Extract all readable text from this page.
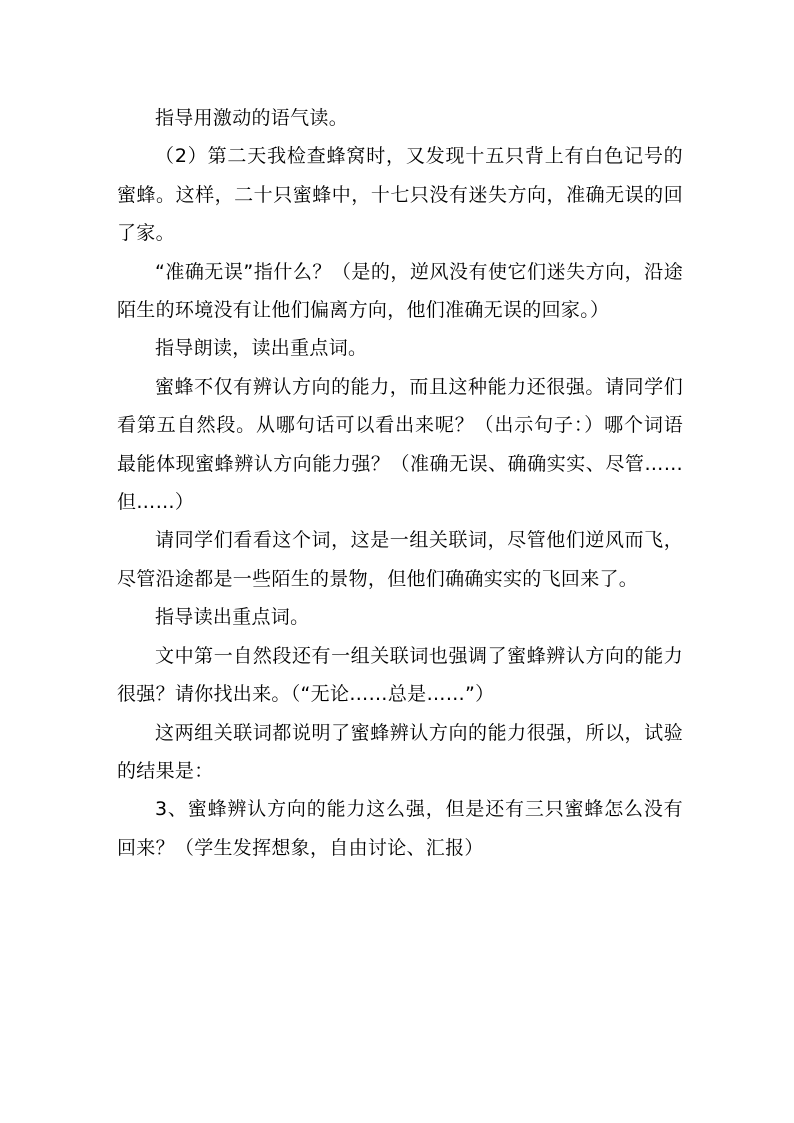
指导用激动的语气读。

（2）第二天我检查蜂窝时，又发现十五只背上有白色记号的蜜蜂。这样，二十只蜜蜂中，十七只没有迷失方向，准确无误的回了家。

“准确无误”指什么？（是的，逆风没有使它们迷失方向，沿途陌生的环境没有让他们偏离方向，他们准确无误的回家。）

指导朗读，读出重点词。

蜜蜂不仅有辨认方向的能力，而且这种能力还很强。请同学们看第五自然段。从哪句话可以看出来呢？（出示句子：）哪个词语最能体现蜜蜂辨认方向能力强？（准确无误、确确实实、尽管……但……）

请同学们看看这个词，这是一组关联词，尽管他们逆风而飞，尽管沿途都是一些陌生的景物，但他们确确实实的飞回来了。

指导读出重点词。

文中第一自然段还有一组关联词也强调了蜜蜂辨认方向的能力很强？请你找出来。（“无论……总是……”）

这两组关联词都说明了蜜蜂辨认方向的能力很强，所以，试验的结果是：

3、蜜蜂辨认方向的能力这么强，但是还有三只蜜蜂怎么没有回来？（学生发挥想象，自由讨论、汇报）
